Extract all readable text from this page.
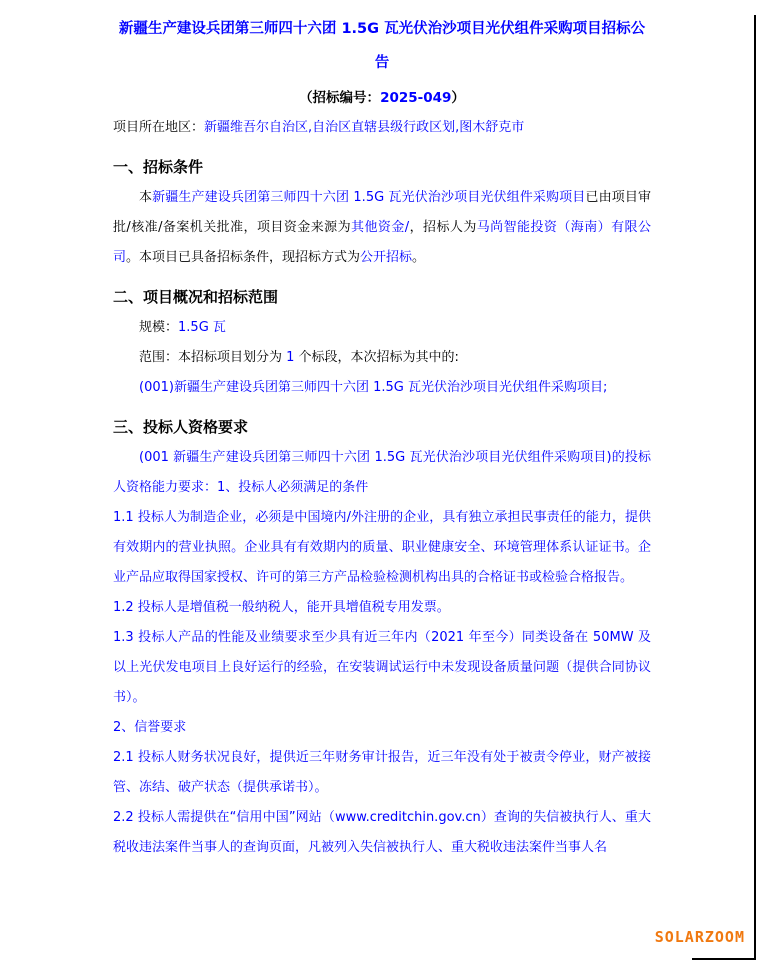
新疆生产建设兵团第三师四十六团 1.5G 瓦光伏治沙项目光伏组件采购项目招标公告
（招标编号：2025-049）
项目所在地区：新疆维吾尔自治区,自治区直辖县级行政区划,图木舒克市
一、招标条件

本新疆生产建设兵团第三师四十六团 1.5G 瓦光伏治沙项目光伏组件采购项目已由项目审批/核准/备案机关批准，项目资金来源为其他资金/，招标人为马尚智能投资（海南）有限公司。本项目已具备招标条件，现招标方式为公开招标。

二、项目概况和招标范围

规模：1.5G 瓦

范围：本招标项目划分为 1 个标段，本次招标为其中的:

(001)新疆生产建设兵团第三师四十六团 1.5G 瓦光伏治沙项目光伏组件采购项目;

三、投标人资格要求

(001 新疆生产建设兵团第三师四十六团 1.5G 瓦光伏治沙项目光伏组件采购项目)的投标人资格能力要求：1、投标人必须满足的条件

1.1 投标人为制造企业，必须是中国境内/外注册的企业，具有独立承担民事责任的能力，提供有效期内的营业执照。企业具有有效期内的质量、职业健康安全、环境管理体系认证证书。企业产品应取得国家授权、许可的第三方产品检验检测机构出具的合格证书或检验合格报告。

1.2 投标人是增值税一般纳税人，能开具增值税专用发票。

1.3 投标人产品的性能及业绩要求至少具有近三年内（2021 年至今）同类设备在 50MW 及以上光伏发电项目上良好运行的经验，在安装调试运行中未发现设备质量问题（提供合同协议书）。

2、信誉要求

2.1 投标人财务状况良好，提供近三年财务审计报告，近三年没有处于被责令停业，财产被接管、冻结、破产状态（提供承诺书）。

2.2 投标人需提供在“信用中国”网站（www.creditchin.gov.cn）查询的失信被执行人、重大税收违法案件当事人的查询页面，凡被列入失信被执行人、重大税收违法案件当事人名

SOLARZOOM
